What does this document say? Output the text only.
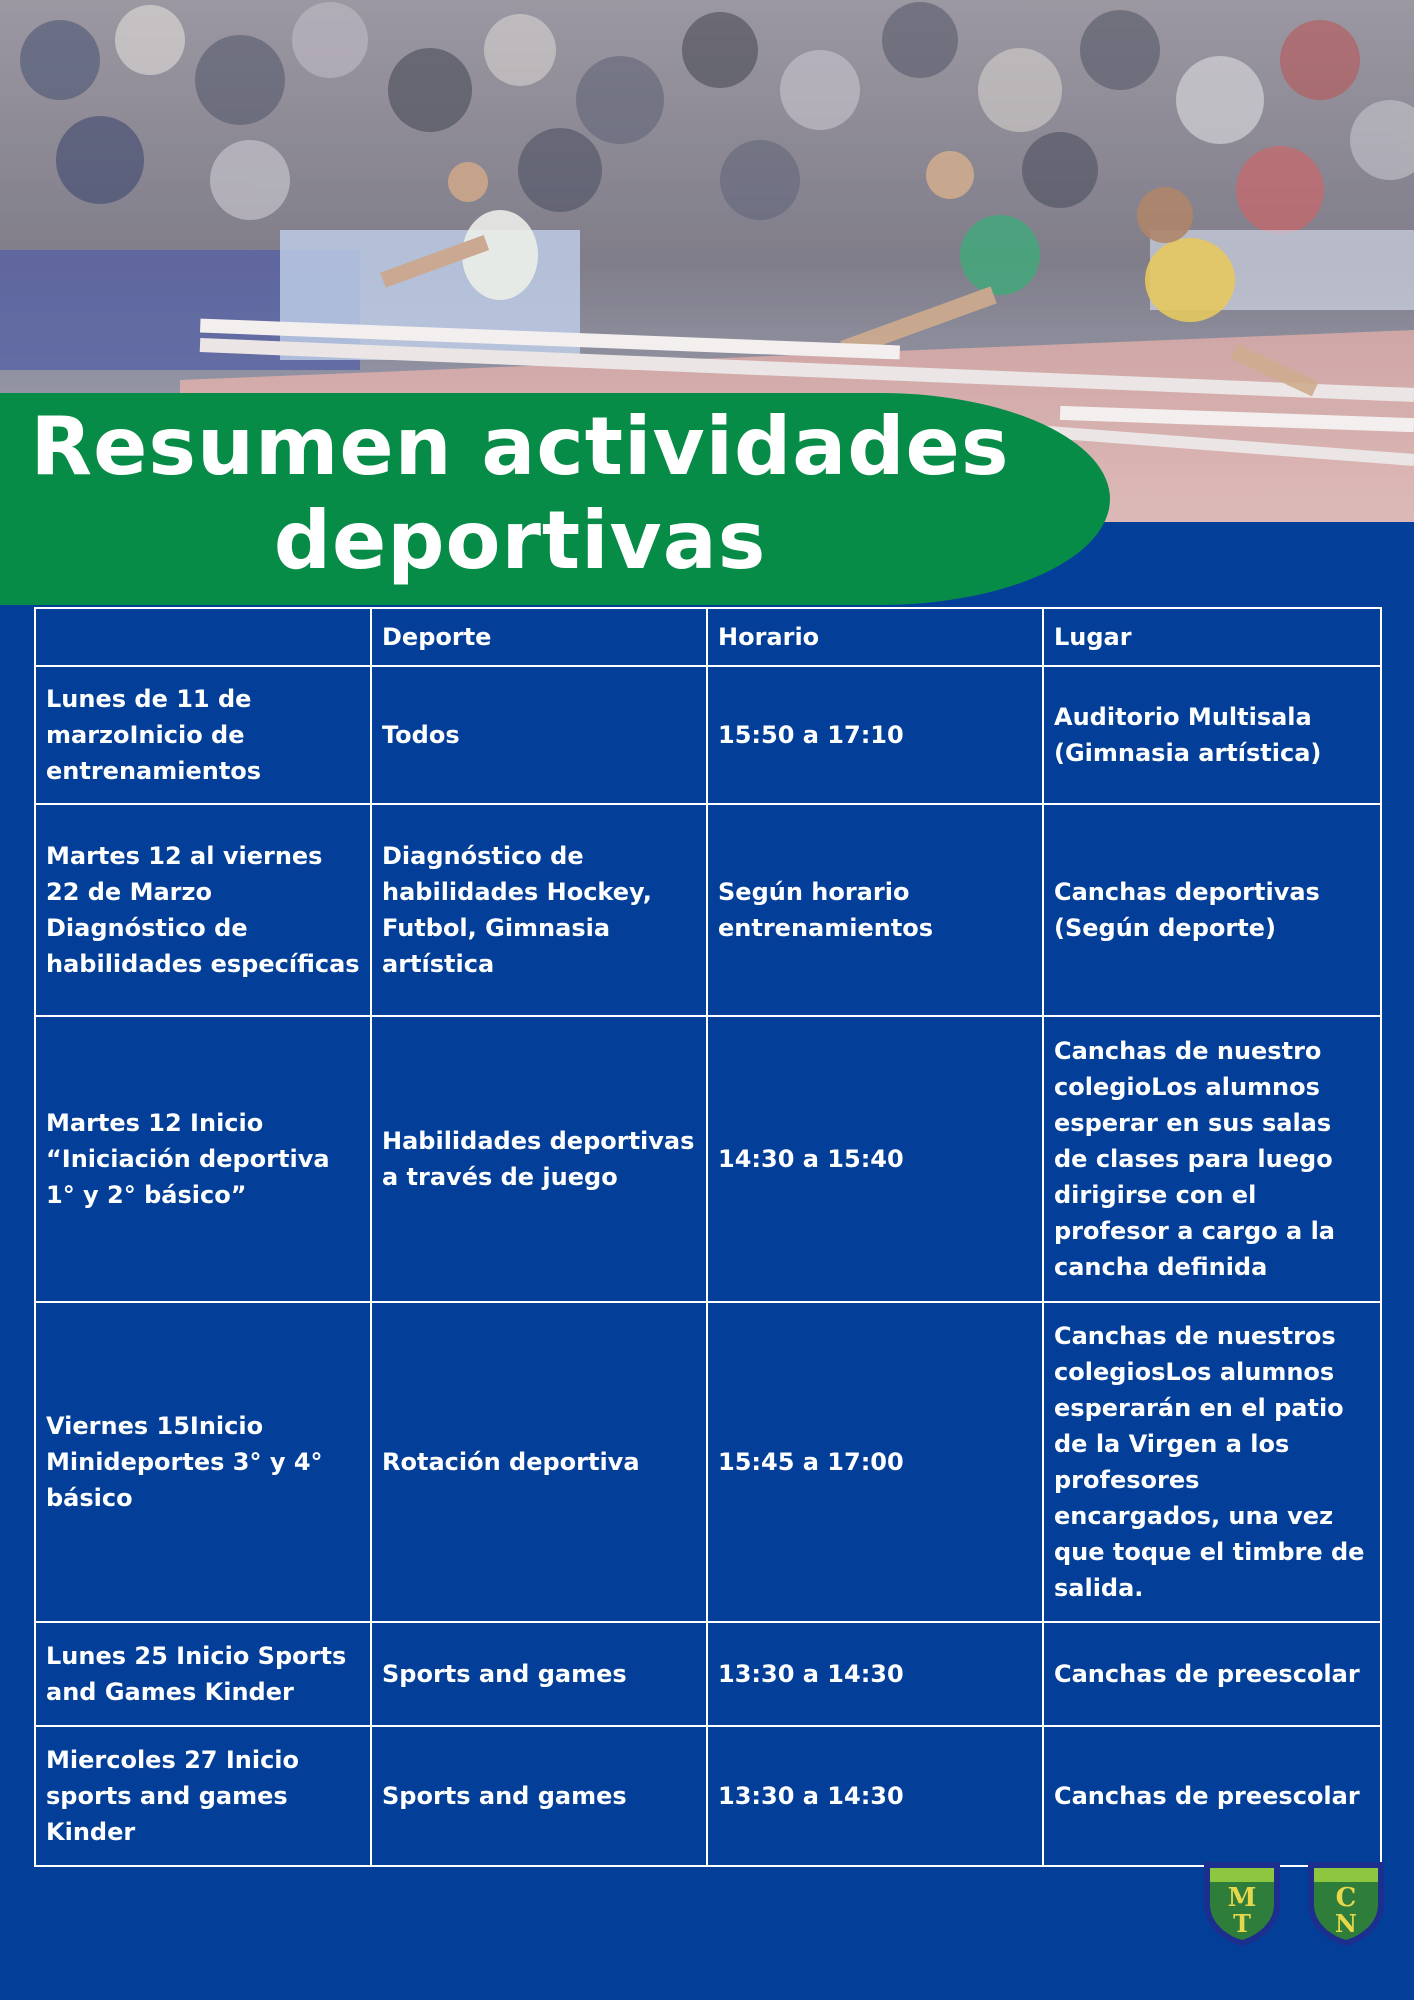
Resumen actividades
deportivas
	Deporte	Horario	Lugar
Lunes de 11 de marzoInicio de entrenamientos	Todos	15:50 a 17:10	Auditorio Multisala (Gimnasia artística)
Martes 12 al viernes 22 de Marzo Diagnóstico de habilidades específicas	Diagnóstico de habilidades Hockey, Futbol, Gimnasia artística	Según horario entrenamientos	Canchas deportivas (Según deporte)
Martes 12 Inicio “Iniciación deportiva 1° y 2° básico”	Habilidades deportivas a través de juego	14:30 a 15:40	Canchas de nuestro colegioLos alumnos esperar en sus salas de clases para luego dirigirse con el profesor a cargo a la cancha definida
Viernes 15Inicio Minideportes 3° y 4° básico	Rotación deportiva	15:45 a 17:00	Canchas de nuestros colegiosLos alumnos esperarán en el patio de la Virgen a los profesores encargados, una vez que toque el timbre de salida.
Lunes 25 Inicio Sports and Games Kinder	Sports and games	13:30 a 14:30	Canchas de preescolar
Miercoles 27 Inicio sports and games Kinder	Sports and games	13:30 a 14:30	Canchas de preescolar
M
T
C
N
